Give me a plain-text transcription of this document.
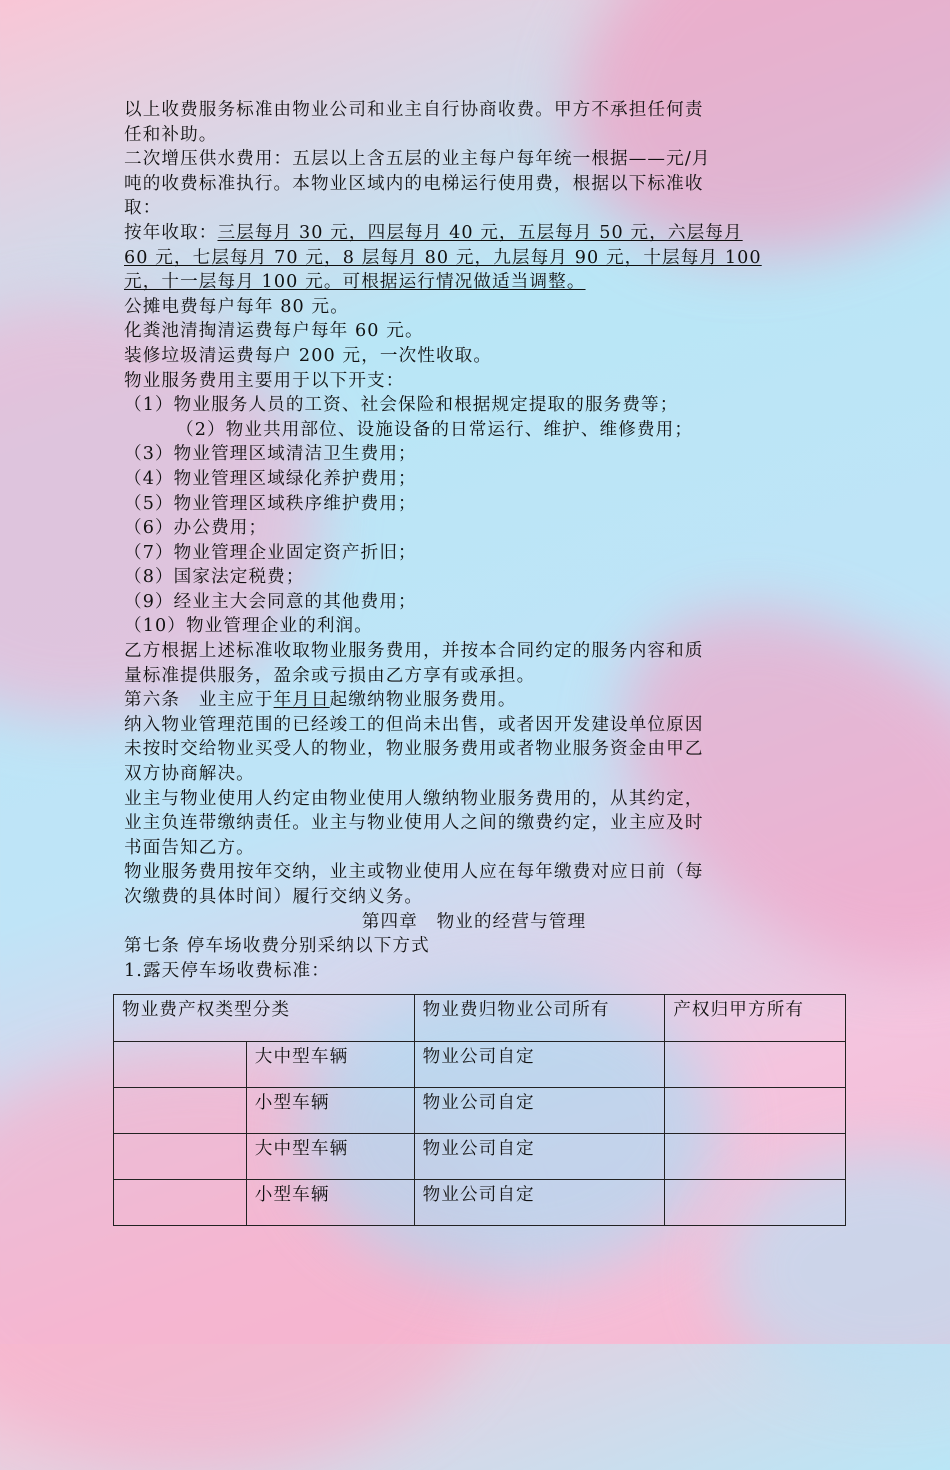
以上收费服务标准由物业公司和业主自行协商收费。甲方不承担任何责
任和补助。
二次增压供水费用：五层以上含五层的业主每户每年统一根据——元/月
吨的收费标准执行。本物业区域内的电梯运行使用费，根据以下标准收
取：
按年收取：三层每月 30 元，四层每月 40 元，五层每月 50 元，六层每月
60 元，七层每月 70 元，8 层每月 80 元，九层每月 90 元，十层每月 100
元，十一层每月 100 元。可根据运行情况做适当调整。
公摊电费每户每年 80 元。
化粪池清掏清运费每户每年 60 元。
装修垃圾清运费每户 200 元，一次性收取。
物业服务费用主要用于以下开支：
（1）物业服务人员的工资、社会保险和根据规定提取的服务费等；
（2）物业共用部位、设施设备的日常运行、维护、维修费用；
（3）物业管理区域清洁卫生费用；
（4）物业管理区域绿化养护费用；
（5）物业管理区域秩序维护费用；
（6）办公费用；
（7）物业管理企业固定资产折旧；
（8）国家法定税费；
（9）经业主大会同意的其他费用；
（10）物业管理企业的利润。
乙方根据上述标准收取物业服务费用，并按本合同约定的服务内容和质
量标准提供服务，盈余或亏损由乙方享有或承担。
第六条　业主应于年月日起缴纳物业服务费用。
纳入物业管理范围的已经竣工的但尚未出售，或者因开发建设单位原因
未按时交给物业买受人的物业，物业服务费用或者物业服务资金由甲乙
双方协商解决。
业主与物业使用人约定由物业使用人缴纳物业服务费用的，从其约定，
业主负连带缴纳责任。业主与物业使用人之间的缴费约定，业主应及时
书面告知乙方。
物业服务费用按年交纳，业主或物业使用人应在每年缴费对应日前（每
次缴费的具体时间）履行交纳义务。
第四章　物业的经营与管理
第七条 停车场收费分别采纳以下方式
1.露天停车场收费标准：
物业费产权类型分类		物业费归物业公司所有	产权归甲方所有
	大中型车辆	物业公司自定	
	小型车辆	物业公司自定	
	大中型车辆	物业公司自定	
	小型车辆	物业公司自定	
